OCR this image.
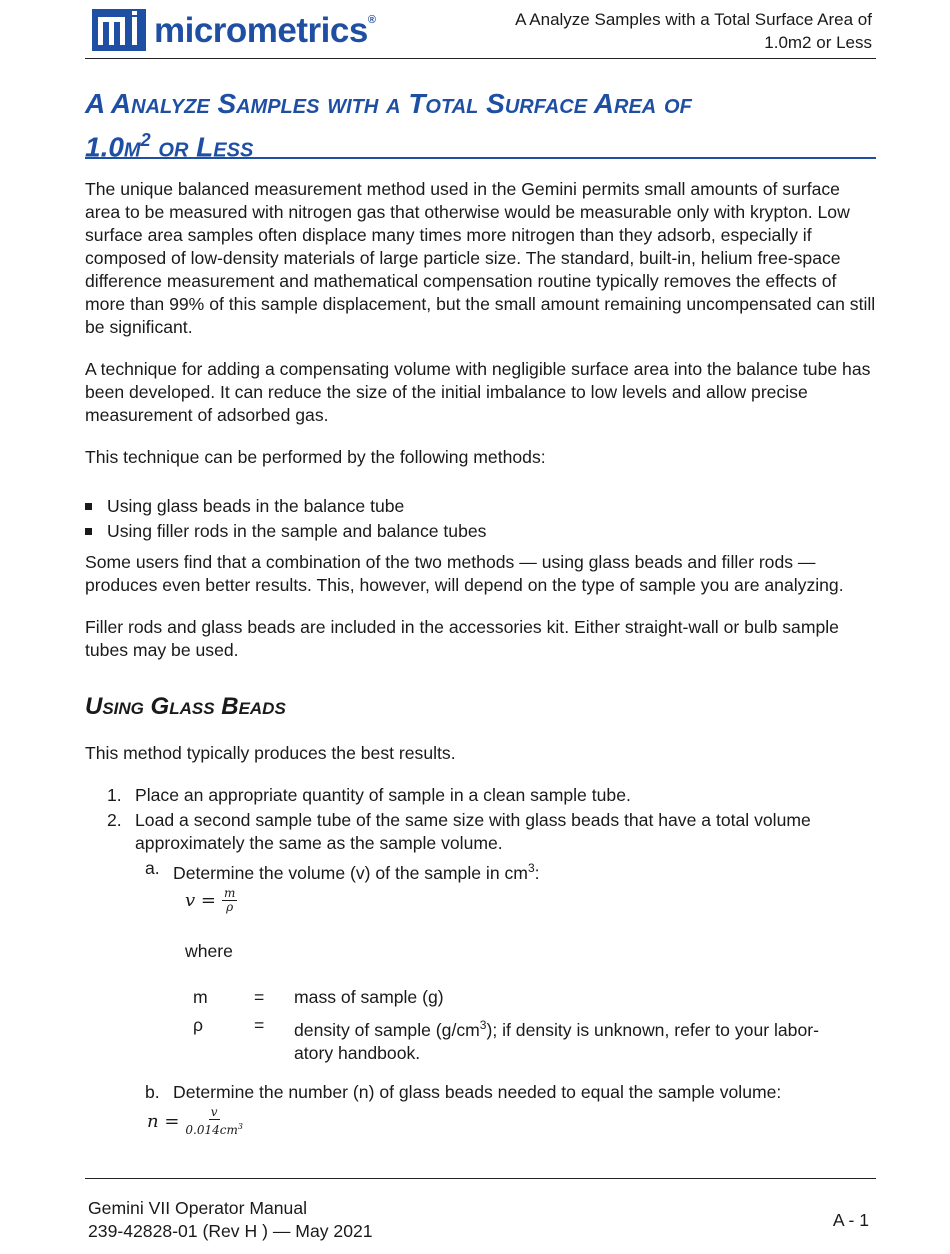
micrometrics®	A Analyze Samples with a Total Surface Area of
1.0m2 or Less
A Analyze Samples with a Total Surface Area of
$1.0m^2$ or Less

The unique balanced measurement method used in the Gemini permits small amounts of surface area to be measured with nitrogen gas that otherwise would be measurable only with krypton. Low surface area samples often displace many times more nitrogen than they adsorb, especially if composed of low-density materials of large particle size. The standard, built-in, helium free-space difference measurement and mathematical compensation routine typically removes the effects of more than 99% of this sample displacement, but the small amount remaining uncompensated can still be significant.

A technique for adding a compensating volume with negligible surface area into the balance tube has been developed. It can reduce the size of the initial imbalance to low levels and allow precise measurement of adsorbed gas.

This technique can be performed by the following methods:

Using glass beads in the balance tube
Using filler rods in the sample and balance tubes

Some users find that a combination of the two methods — using glass beads and filler rods — produces even better results. This, however, will depend on the type of sample you are analyzing.

Filler rods and glass beads are included in the accessories kit. Either straight-wall or bulb sample tubes may be used.

Using Glass Beads

This method typically produces the best results.

1. Place an appropriate quantity of sample in a clean sample tube.
2. Load a second sample tube of the same size with glass beads that have a total volume approximately the same as the sample volume.
a. Determine the volume (v) of the sample in $cm^3$:
$v = \frac{m}{\rho}$
where
m	=	mass of sample (g)
ρ	=	density of sample $(g/cm^3)$; if density is unknown, refer to your labor-atory handbook.
b. Determine the number (n) of glass beads needed to equal the sample volume:
$n = \frac{v}{0.014cm^3}$
Gemini VII Operator Manual
239-42828-01 (Rev H ) — May 2021
A - 1
